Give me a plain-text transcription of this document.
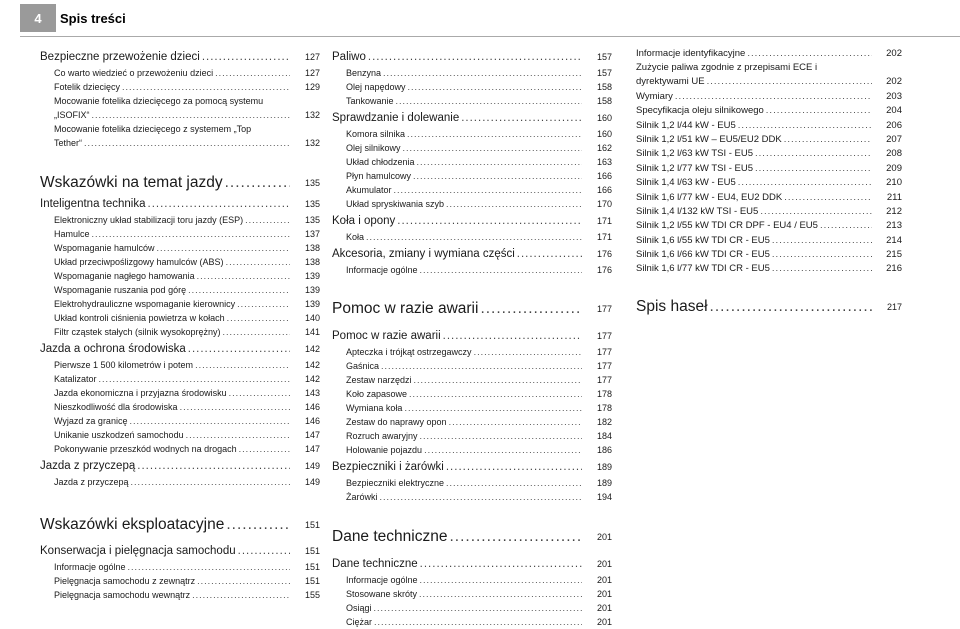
4	Spis treści
Bezpieczne przewożenie dzieci .....	127
Co warto wiedzieć o przewożeniu dzieci .....	127
Fotelik dziecięcy .....	129
Mocowanie fotelika dziecięcego za pomocą systemu
„ISOFIX“ .....	132
Mocowanie fotelika dziecięcego z systemem „Top
Tether“ .....	132
Wskazówki na temat jazdy .....	135
Inteligentna technika .....	135
Elektroniczny układ stabilizacji toru jazdy (ESP) .....	135
Hamulce .....	137
Wspomaganie hamulców .....	138
Układ przeciwpoślizgowy hamulców (ABS) .....	138
Wspomaganie nagłego hamowania .....	139
Wspomaganie ruszania pod górę .....	139
Elektrohydrauliczne wspomaganie kierownicy .....	139
Układ kontroli ciśnienia powietrza w kołach .....	140
Filtr cząstek stałych (silnik wysokoprężny) .....	141
Jazda a ochrona środowiska .....	142
Pierwsze 1 500 kilometrów i potem .....	142
Katalizator .....	142
Jazda ekonomiczna i przyjazna środowisku .....	143
Nieszkodliwość dla środowiska .....	146
Wyjazd za granicę .....	146
Unikanie uszkodzeń samochodu .....	147
Pokonywanie przeszkód wodnych na drogach .....	147
Jazda z przyczepą .....	149
Jazda z przyczepą .....	149
Wskazówki eksploatacyjne .....	151
Konserwacja i pielęgnacja samochodu .....	151
Informacje ogólne .....	151
Pielęgnacja samochodu z zewnątrz .....	151
Pielęgnacja samochodu wewnątrz .....	155
Paliwo .....	157
Benzyna .....	157
Olej napędowy .....	158
Tankowanie .....	158
Sprawdzanie i dolewanie .....	160
Komora silnika .....	160
Olej silnikowy .....	162
Układ chłodzenia .....	163
Płyn hamulcowy .....	166
Akumulator .....	166
Układ spryskiwania szyb .....	170
Koła i opony .....	171
Koła .....	171
Akcesoria, zmiany i wymiana części .....	176
Informacje ogólne .....	176
Pomoc w razie awarii .....	177
Pomoc w razie awarii .....	177
Apteczka i trójkąt ostrzegawczy .....	177
Gaśnica .....	177
Zestaw narzędzi .....	177
Koło zapasowe .....	178
Wymiana koła .....	178
Zestaw do naprawy opon .....	182
Rozruch awaryjny .....	184
Holowanie pojazdu .....	186
Bezpieczniki i żarówki .....	189
Bezpieczniki elektryczne .....	189
Żarówki .....	194
Dane techniczne .....	201
Dane techniczne .....	201
Informacje ogólne .....	201
Stosowane skróty .....	201
Osiągi .....	201
Ciężar .....	201
Informacje identyfikacyjne .....	202
Zużycie paliwa zgodnie z przepisami ECE i
dyrektywami UE .....	202
Wymiary .....	203
Specyfikacja oleju silnikowego .....	204
Silnik 1,2 l/44 kW - EU5 .....	206
Silnik 1,2 l/51 kW – EU5/EU2 DDK .....	207
Silnik 1,2 l/63 kW TSI - EU5 .....	208
Silnik 1,2 l/77 kW TSI - EU5 .....	209
Silnik 1,4 l/63 kW - EU5 .....	210
Silnik 1,6 l/77 kW - EU4, EU2 DDK .....	211
Silnik 1,4 l/132 kW TSI - EU5 .....	212
Silnik 1,2 l/55 kW TDI CR DPF - EU4 / EU5 .....	213
Silnik 1,6 l/55 kW TDI CR - EU5 .....	214
Silnik 1,6 l/66 kW TDI CR - EU5 .....	215
Silnik 1,6 l/77 kW TDI CR - EU5 .....	216
Spis haseł .....	217
